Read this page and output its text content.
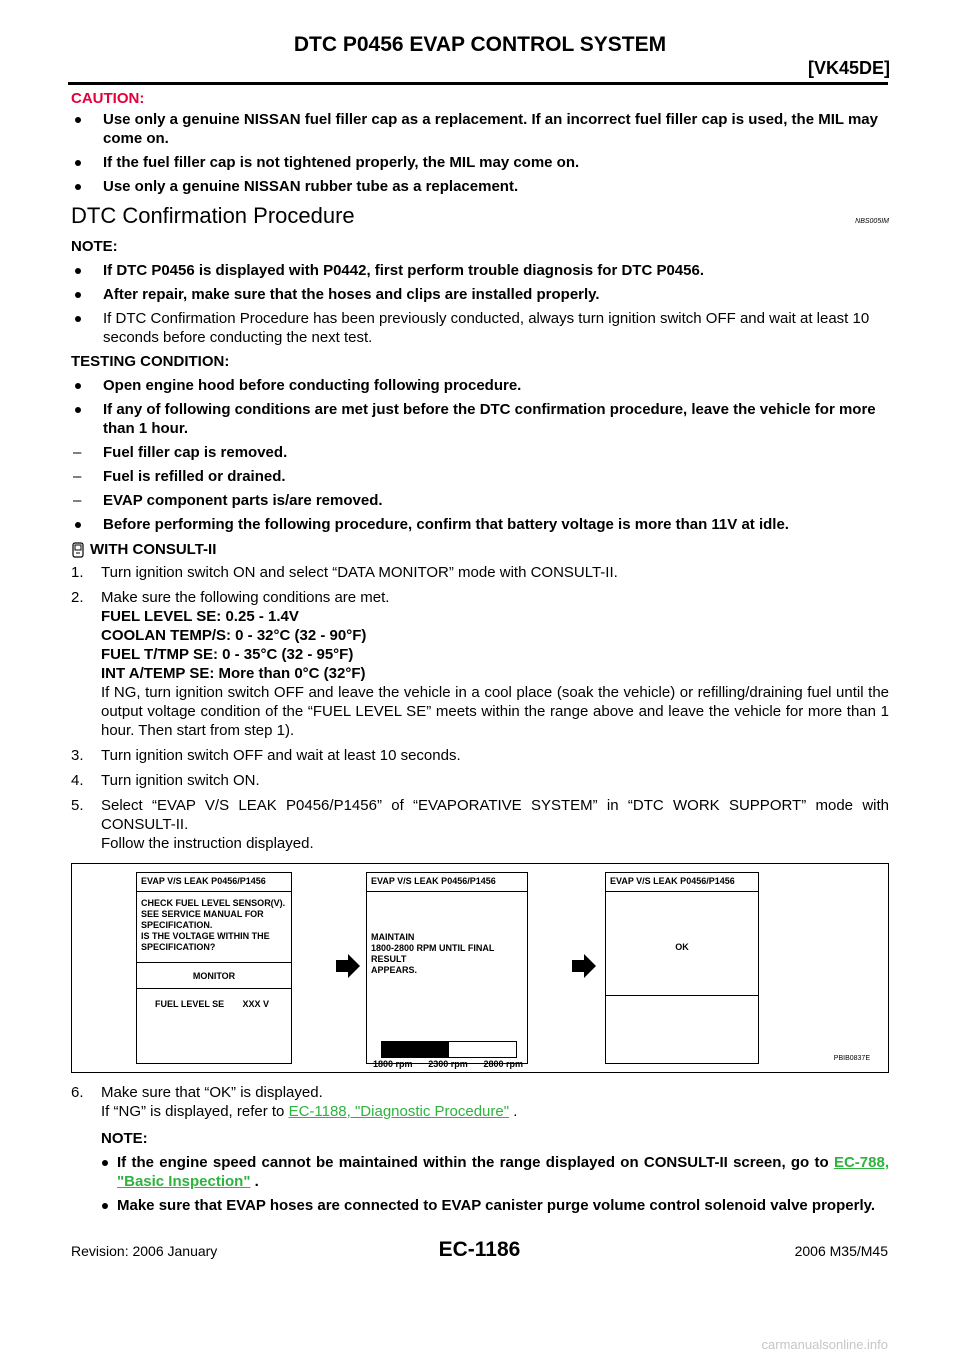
DTC P0456 EVAP CONTROL SYSTEM
[VK45DE]
CAUTION:
Use only a genuine NISSAN fuel filler cap as a replacement. If an incorrect fuel filler cap is used, the MIL may come on.
If the fuel filler cap is not tightened properly, the MIL may come on.
Use only a genuine NISSAN rubber tube as a replacement.
DTC Confirmation Procedure	NBS005IM
NOTE:
If DTC P0456 is displayed with P0442, first perform trouble diagnosis for DTC P0456.
After repair, make sure that the hoses and clips are installed properly.
If DTC Confirmation Procedure has been previously conducted, always turn ignition switch OFF and wait at least 10 seconds before conducting the next test.
TESTING CONDITION:
Open engine hood before conducting following procedure.
If any of following conditions are met just before the DTC confirmation procedure, leave the vehicle for more than 1 hour.
– Fuel filler cap is removed.
– Fuel is refilled or drained.
– EVAP component parts is/are removed.
Before performing the following procedure, confirm that battery voltage is more than 11V at idle.
WITH CONSULT-II
1. Turn ignition switch ON and select “DATA MONITOR” mode with CONSULT-II.
2. Make sure the following conditions are met.
FUEL LEVEL SE: 0.25 - 1.4V
COOLAN TEMP/S: 0 - 32°C (32 - 90°F)
FUEL T/TMP SE: 0 - 35°C (32 - 95°F)
INT A/TEMP SE: More than 0°C (32°F)
If NG, turn ignition switch OFF and leave the vehicle in a cool place (soak the vehicle) or refilling/draining fuel until the output voltage condition of the “FUEL LEVEL SE” meets within the range above and leave the vehicle for more than 1 hour. Then start from step 1).
3. Turn ignition switch OFF and wait at least 10 seconds.
4. Turn ignition switch ON.
5. Select “EVAP V/S LEAK P0456/P1456” of “EVAPORATIVE SYSTEM” in “DTC WORK SUPPORT” mode with CONSULT-II.
Follow the instruction displayed.
EVAP V/S LEAK P0456/P1456
CHECK FUEL LEVEL SENSOR(V).
SEE SERVICE MANUAL FOR
SPECIFICATION.
IS THE VOLTAGE WITHIN THE
SPECIFICATION?
MONITOR
FUEL LEVEL SE XXX V
EVAP V/S LEAK P0456/P1456
MAINTAIN
1800-2800 RPM UNTIL FINAL RESULT
APPEARS.
1800 rpm 2300 rpm 2800 rpm
EVAP V/S LEAK P0456/P1456
OK
PBIB0837E
6. Make sure that “OK” is displayed.
If “NG” is displayed, refer to EC-1188, "Diagnostic Procedure" .
NOTE:
If the engine speed cannot be maintained within the range displayed on CONSULT-II screen, go to EC-788, "Basic Inspection" .
Make sure that EVAP hoses are connected to EVAP canister purge volume control solenoid valve properly.
Revision: 2006 January	EC-1186	2006 M35/M45
carmanualsonline.info
